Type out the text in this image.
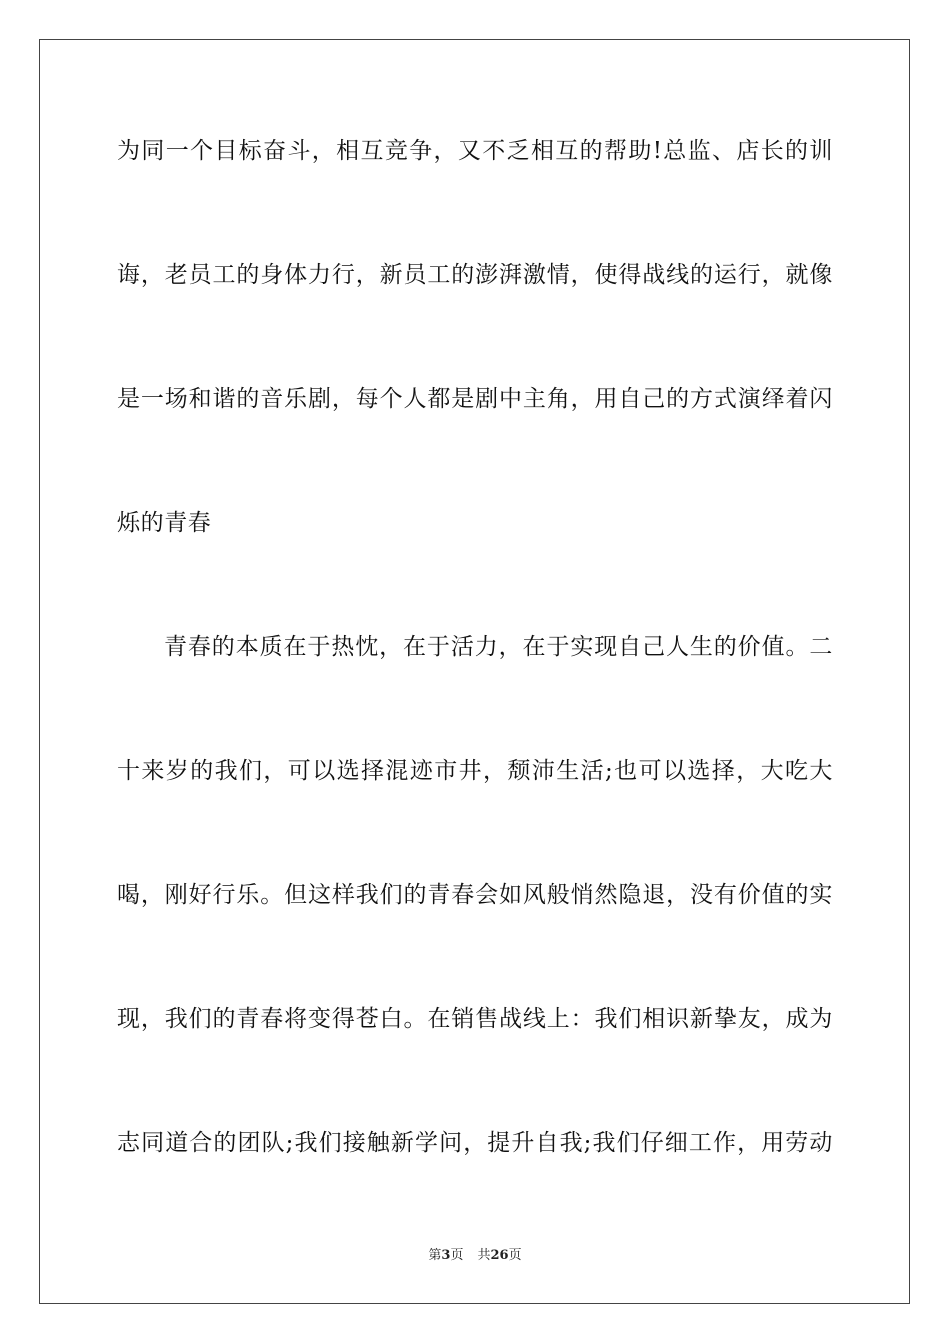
为同一个目标奋斗，相互竞争，又不乏相互的帮助!总监、店长的训
诲，老员工的身体力行，新员工的澎湃激情，使得战线的运行，就像
是一场和谐的音乐剧，每个人都是剧中主角，用自己的方式演绎着闪
烁的青春
青春的本质在于热忱，在于活力，在于实现自己人生的价值。二
十来岁的我们，可以选择混迹市井，颓沛生活;也可以选择，大吃大
喝，刚好行乐。但这样我们的青春会如风般悄然隐退，没有价值的实
现，我们的青春将变得苍白。在销售战线上：我们相识新挚友，成为
志同道合的团队;我们接触新学问，提升自我;我们仔细工作，用劳动
第3页 共26页
